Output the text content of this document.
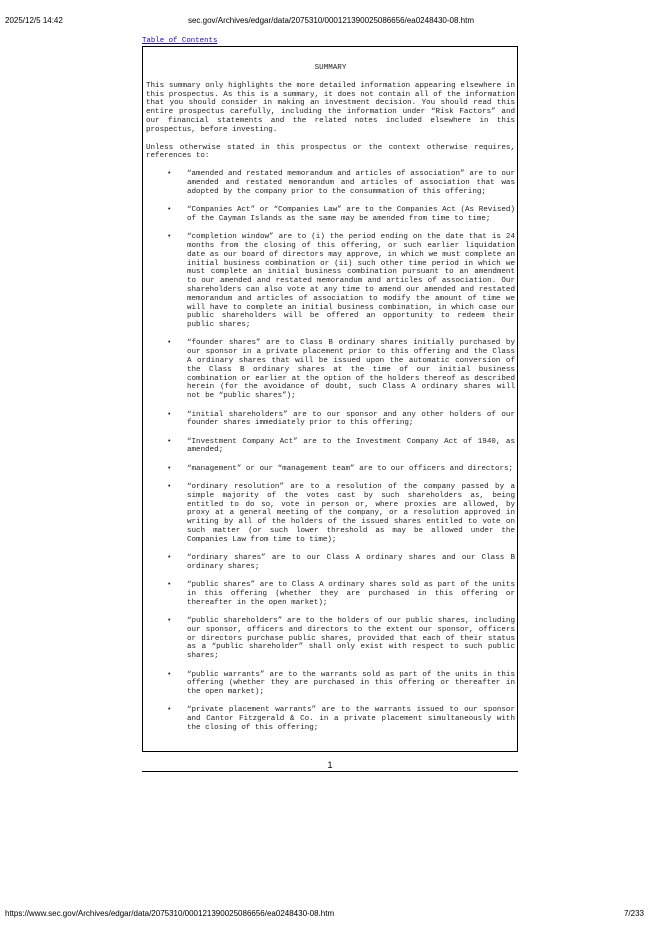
2025/12/5 14:42	sec.gov/Archives/edgar/data/2075310/000121390025086656/ea0248430-08.htm
Table of Contents
SUMMARY

This summary only highlights the more detailed information appearing elsewhere in this prospectus. As this is a summary, it does not contain all of the information that you should consider in making an investment decision. You should read this entire prospectus carefully, including the information under “Risk Factors” and our financial statements and the related notes included elsewhere in this prospectus, before investing.

Unless otherwise stated in this prospectus or the context otherwise requires, references to:

• “amended and restated memorandum and articles of association” are to our amended and restated memorandum and articles of association that was adopted by the company prior to the consummation of this offering;
• “Companies Act” or “Companies Law” are to the Companies Act (As Revised) of the Cayman Islands as the same may be amended from time to time;
• “completion window” are to (i) the period ending on the date that is 24 months from the closing of this offering, or such earlier liquidation date as our board of directors may approve, in which we must complete an initial business combination or (ii) such other time period in which we must complete an initial business combination pursuant to an amendment to our amended and restated memorandum and articles of association. Our shareholders can also vote at any time to amend our amended and restated memorandum and articles of association to modify the amount of time we will have to complete an initial business combination, in which case our public shareholders will be offered an opportunity to redeem their public shares;
• “founder shares” are to Class B ordinary shares initially purchased by our sponsor in a private placement prior to this offering and the Class A ordinary shares that will be issued upon the automatic conversion of the Class B ordinary shares at the time of our initial business combination or earlier at the option of the holders thereof as described herein (for the avoidance of doubt, such Class A ordinary shares will not be “public shares”);
• “initial shareholders” are to our sponsor and any other holders of our founder shares immediately prior to this offering;
• “Investment Company Act” are to the Investment Company Act of 1940, as amended;
• “management” or our “management team” are to our officers and directors;
• “ordinary resolution” are to a resolution of the company passed by a simple majority of the votes cast by such shareholders as, being entitled to do so, vote in person or, where proxies are allowed, by proxy at a general meeting of the company, or a resolution approved in writing by all of the holders of the issued shares entitled to vote on such matter (or such lower threshold as may be allowed under the Companies Law from time to time);
• “ordinary shares” are to our Class A ordinary shares and our Class B ordinary shares;
• “public shares” are to Class A ordinary shares sold as part of the units in this offering (whether they are purchased in this offering or thereafter in the open market);
• “public shareholders” are to the holders of our public shares, including our sponsor, officers and directors to the extent our sponsor, officers or directors purchase public shares, provided that each of their status as a “public shareholder” shall only exist with respect to such public shares;
• “public warrants” are to the warrants sold as part of the units in this offering (whether they are purchased in this offering or thereafter in the open market);
• “private placement warrants” are to the warrants issued to our sponsor and Cantor Fitzgerald & Co. in a private placement simultaneously with the closing of this offering;
1
https://www.sec.gov/Archives/edgar/data/2075310/000121390025086656/ea0248430-08.htm	7/233
